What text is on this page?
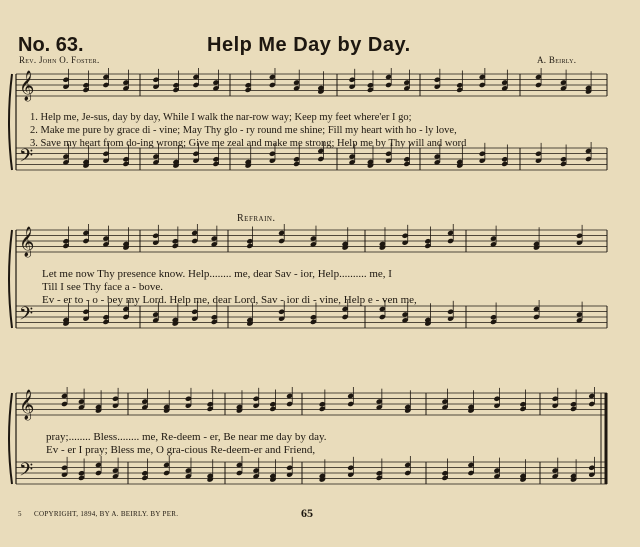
No. 63.	Help Me Day by Day.
Rev. John O. Foster.	A. Beirly.
𝄞
𝄢
𝄞
𝄢
𝄞
𝄢
1. Help me, Je-sus, day by day, While I walk the nar-row way; Keep my feet where'er I go;
2. Make me pure by grace di - vine; May Thy glo - ry round me shine; Fill my heart with ho - ly love,
3. Save my heart from do-ing wrong; Give me zeal and make me strong; Help me by Thy will and word
Refrain.
Let me now Thy presence know. Help........ me, dear Sav - ior, Help.......... me, I
Till I see Thy face a - bove.
Ev - er to - o - bey my Lord. Help me, dear Lord, Sav - ior di - vine, Help e - ven me,
pray;........ Bless........ me, Re-deem - er, Be near me day by day.
Ev - er I pray; Bless me, O gra-cious Re-deem-er and Friend,
5 COPYRIGHT, 1894, BY A. BEIRLY. BY PER.	65
